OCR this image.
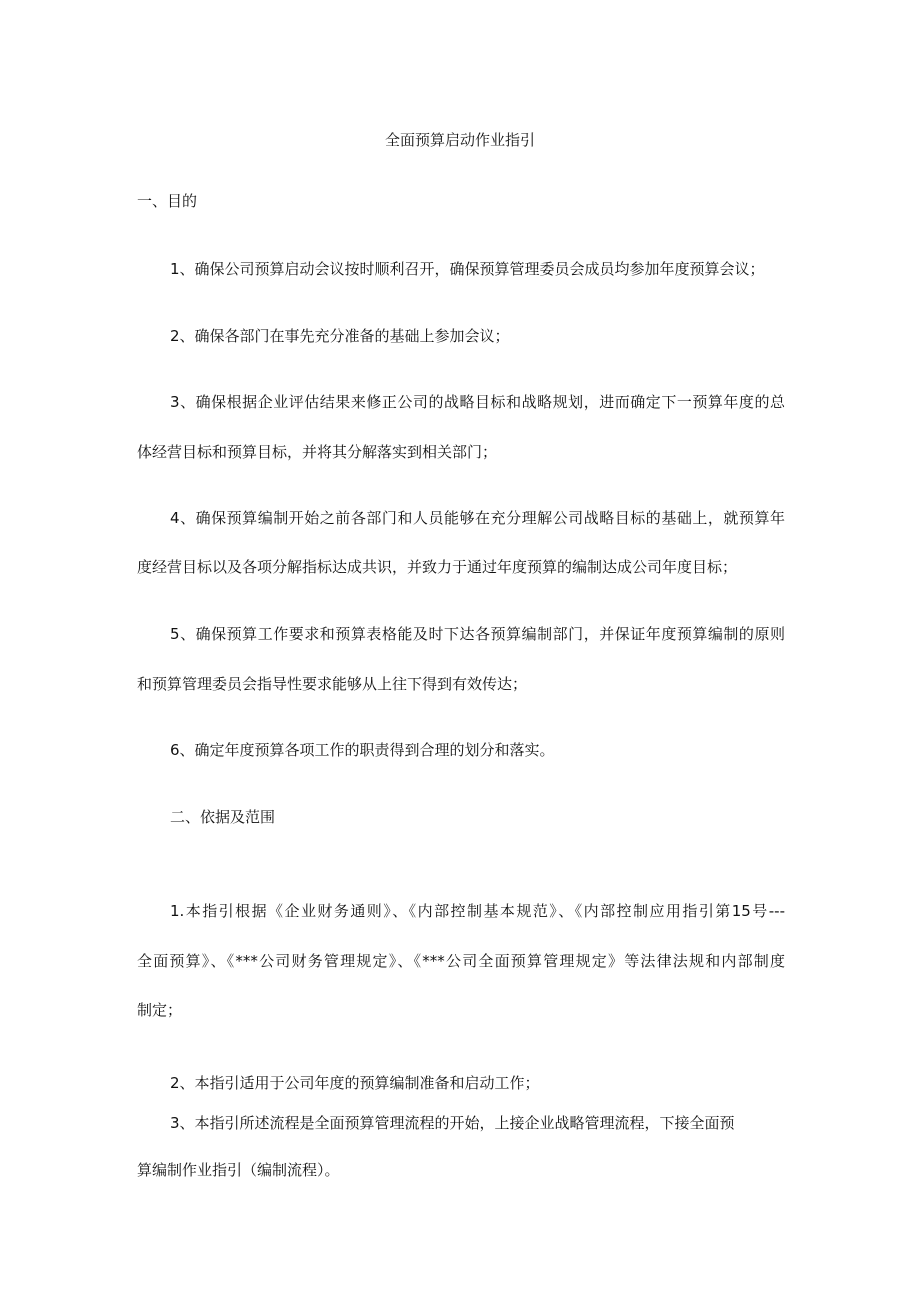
全面预算启动作业指引

一、目的

1、确保公司预算启动会议按时顺利召开，确保预算管理委员会成员均参加年度预算会议；

2、确保各部门在事先充分准备的基础上参加会议；

3、确保根据企业评估结果来修正公司的战略目标和战略规划，进而确定下一预算年度的总

体经营目标和预算目标，并将其分解落实到相关部门；

4、确保预算编制开始之前各部门和人员能够在充分理解公司战略目标的基础上，就预算年

度经营目标以及各项分解指标达成共识，并致力于通过年度预算的编制达成公司年度目标；

5、确保预算工作要求和预算表格能及时下达各预算编制部门，并保证年度预算编制的原则

和预算管理委员会指导性要求能够从上往下得到有效传达；

6、确定年度预算各项工作的职责得到合理的划分和落实。

二、依据及范围

1.本指引根据《企业财务通则》、《内部控制基本规范》、《内部控制应用指引第15号---

全面预算》、《***公司财务管理规定》、《***公司全面预算管理规定》等法律法规和内部制度

制定；

2、本指引适用于公司年度的预算编制准备和启动工作；

3、本指引所述流程是全面预算管理流程的开始，上接企业战略管理流程，下接全面预

算编制作业指引（编制流程）。
